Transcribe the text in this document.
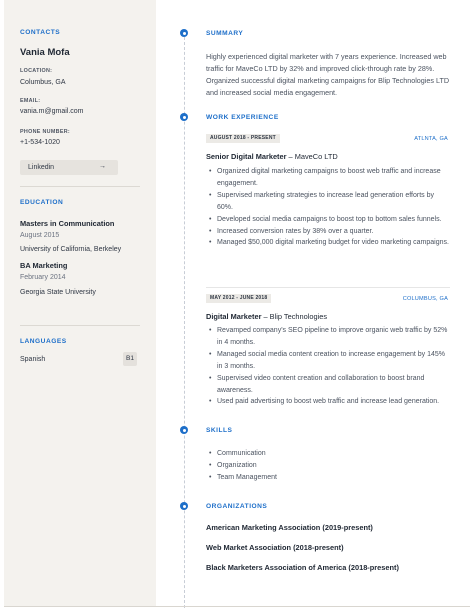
CONTACTS
Vania Mofa
LOCATION:
Columbus, GA
EMAIL:
vania.m@gmail.com
PHONE NUMBER:
+1-534-1020
Linkedin	→
EDUCATION
Masters in Communication
August 2015
University of California, Berkeley
BA Marketing
February 2014
Georgia State University
LANGUAGES
Spanish	B1
SUMMARY
Highly experienced digital marketer with 7 years experience. Increased web traffic for MaveCo LTD by 32% and improved click-through rate by 28%. Organized successful digital marketing campaigns for Blip Technologies LTD and increased social media engagement.
WORK EXPERIENCE
AUGUST 2018 - PRESENT	ATLNTA, GA
Senior Digital Marketer – MaveCo LTD
• Organized digital marketing campaigns to boost web traffic and increase engagement.
• Supervised marketing strategies to increase lead generation efforts by 60%.
• Developed social media campaigns to boost top to bottom sales funnels.
• Increased conversion rates by 38% over a quarter.
• Managed $50,000 digital marketing budget for video marketing campaigns.
MAY 2012 - JUNE 2018	COLUMBUS, GA
Digital Marketer – Blip Technologies
• Revamped company's SEO pipeline to improve organic web traffic by 52% in 4 months.
• Managed social media content creation to increase engagement by 145% in 3 months.
• Supervised video content creation and collaboration to boost brand awareness.
• Used paid advertising to boost web traffic and increase lead generation.
SKILLS
• Communication
• Organization
• Team Management
ORGANIZATIONS
American Marketing Association (2019-present)
Web Market Association (2018-present)
Black Marketers Association of America (2018-present)
